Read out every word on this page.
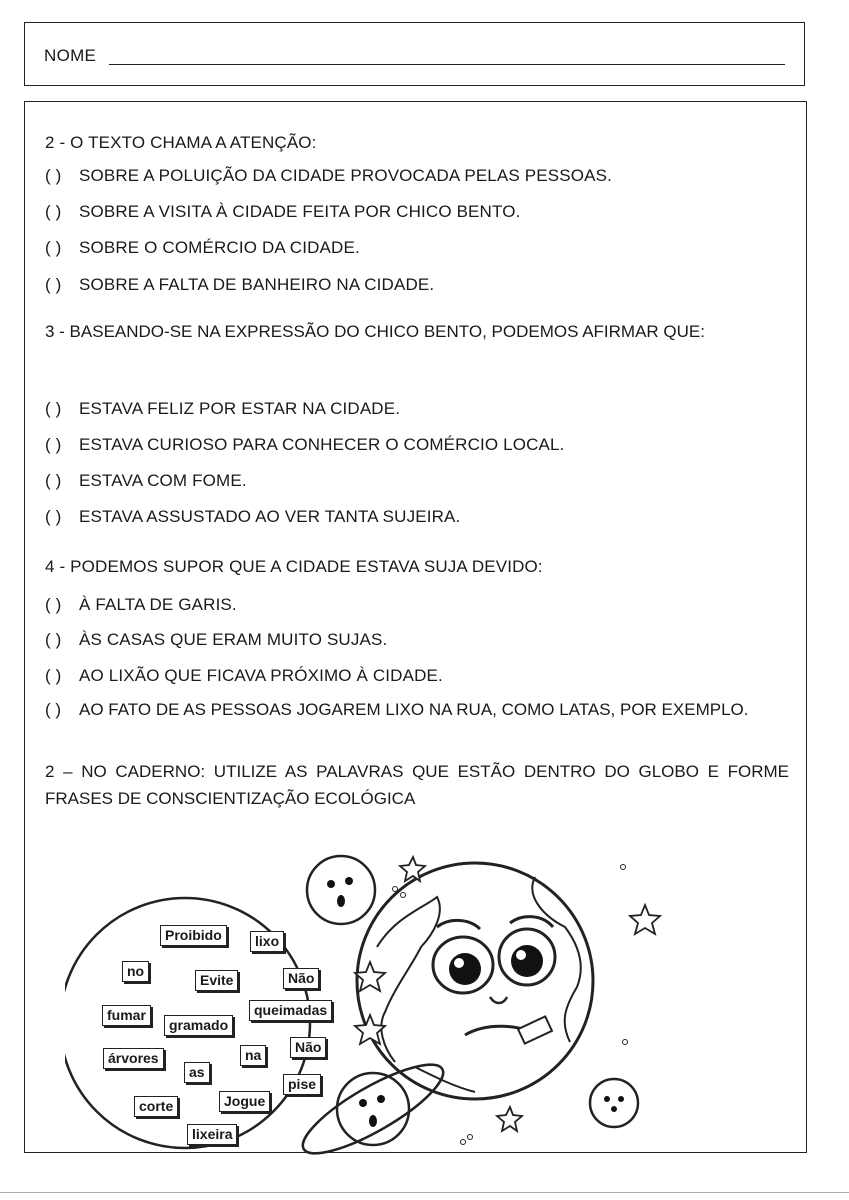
NOME
2 - O TEXTO CHAMA A ATENÇÃO:
( ) SOBRE A POLUIÇÃO DA CIDADE PROVOCADA PELAS PESSOAS.
( ) SOBRE A VISITA À CIDADE FEITA POR CHICO BENTO.
( ) SOBRE O COMÉRCIO DA CIDADE.
( ) SOBRE A FALTA DE BANHEIRO NA CIDADE.
3 - BASEANDO-SE NA EXPRESSÃO DO CHICO BENTO, PODEMOS AFIRMAR QUE:
( ) ESTAVA FELIZ POR ESTAR NA CIDADE.
( ) ESTAVA CURIOSO PARA CONHECER O COMÉRCIO LOCAL.
( ) ESTAVA COM FOME.
( ) ESTAVA ASSUSTADO AO VER TANTA SUJEIRA.
4 - PODEMOS SUPOR QUE A CIDADE ESTAVA SUJA DEVIDO:
( ) À FALTA DE GARIS.
( ) ÀS CASAS QUE ERAM MUITO SUJAS.
( ) AO LIXÃO QUE FICAVA PRÓXIMO À CIDADE.
( ) AO FATO DE AS PESSOAS JOGAREM LIXO NA RUA, COMO LATAS, POR EXEMPLO.
2 – NO CADERNO: UTILIZE AS PALAVRAS QUE ESTÃO DENTRO DO GLOBO E FORME FRASES DE CONSCIENTIZAÇÃO ECOLÓGICA
Proibido	lixo
no
Evite	Não
fumar
gramado
queimadas
árvores	na	Não
as
pise
corte	Jogue
lixeira
